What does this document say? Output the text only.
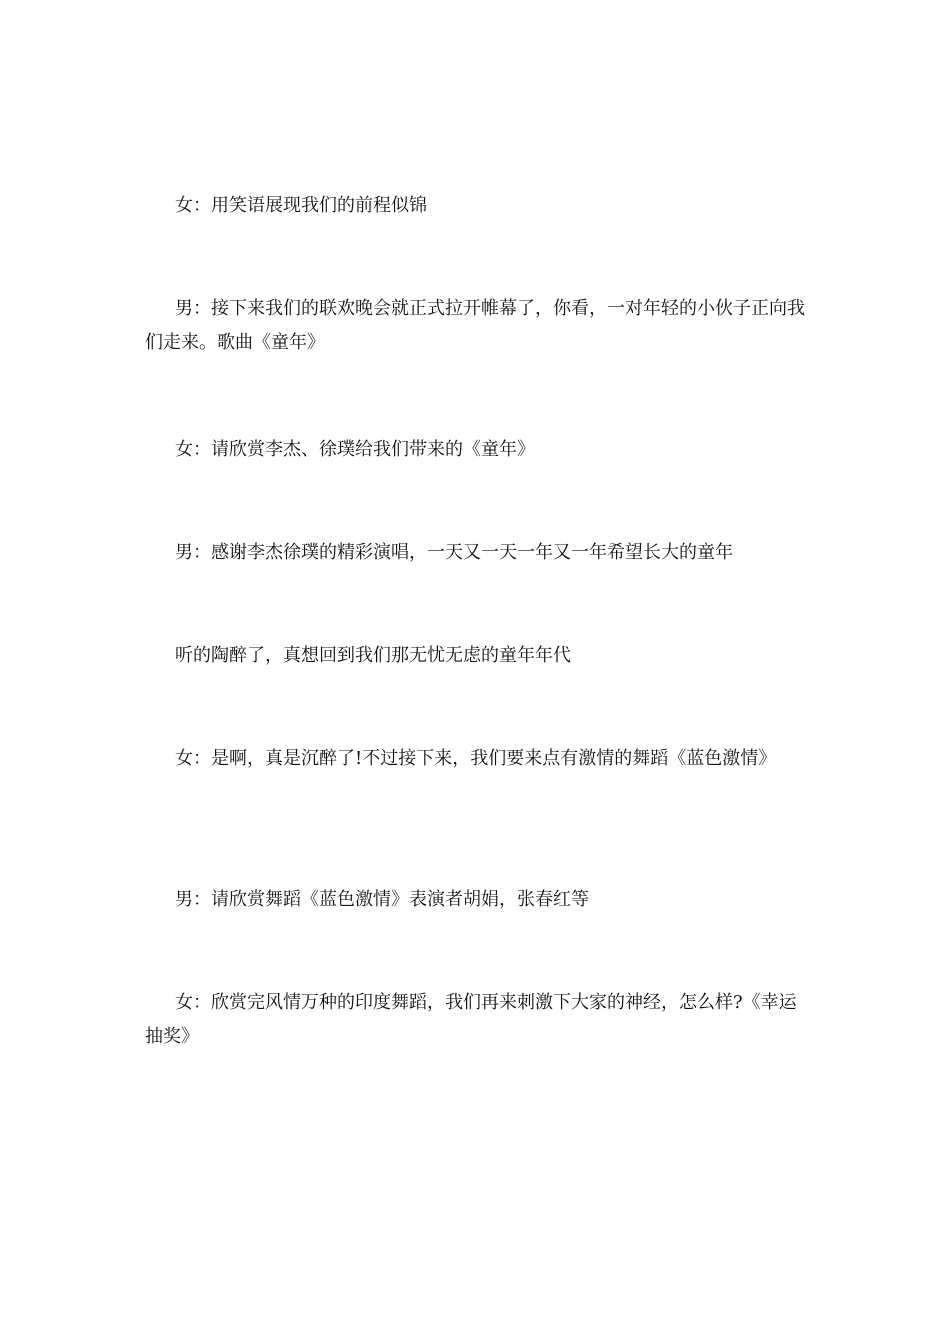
女：用笑语展现我们的前程似锦

男：接下来我们的联欢晚会就正式拉开帷幕了，你看，一对年轻的小伙子正向我们走来。歌曲《童年》

女：请欣赏李杰、徐璞给我们带来的《童年》

男：感谢李杰徐璞的精彩演唱，一天又一天一年又一年希望长大的童年

听的陶醉了，真想回到我们那无忧无虑的童年年代

女：是啊，真是沉醉了!不过接下来，我们要来点有激情的舞蹈《蓝色激情》

男：请欣赏舞蹈《蓝色激情》表演者胡娟，张春红等

女：欣赏完风情万种的印度舞蹈，我们再来刺激下大家的神经，怎么样?《幸运抽奖》
